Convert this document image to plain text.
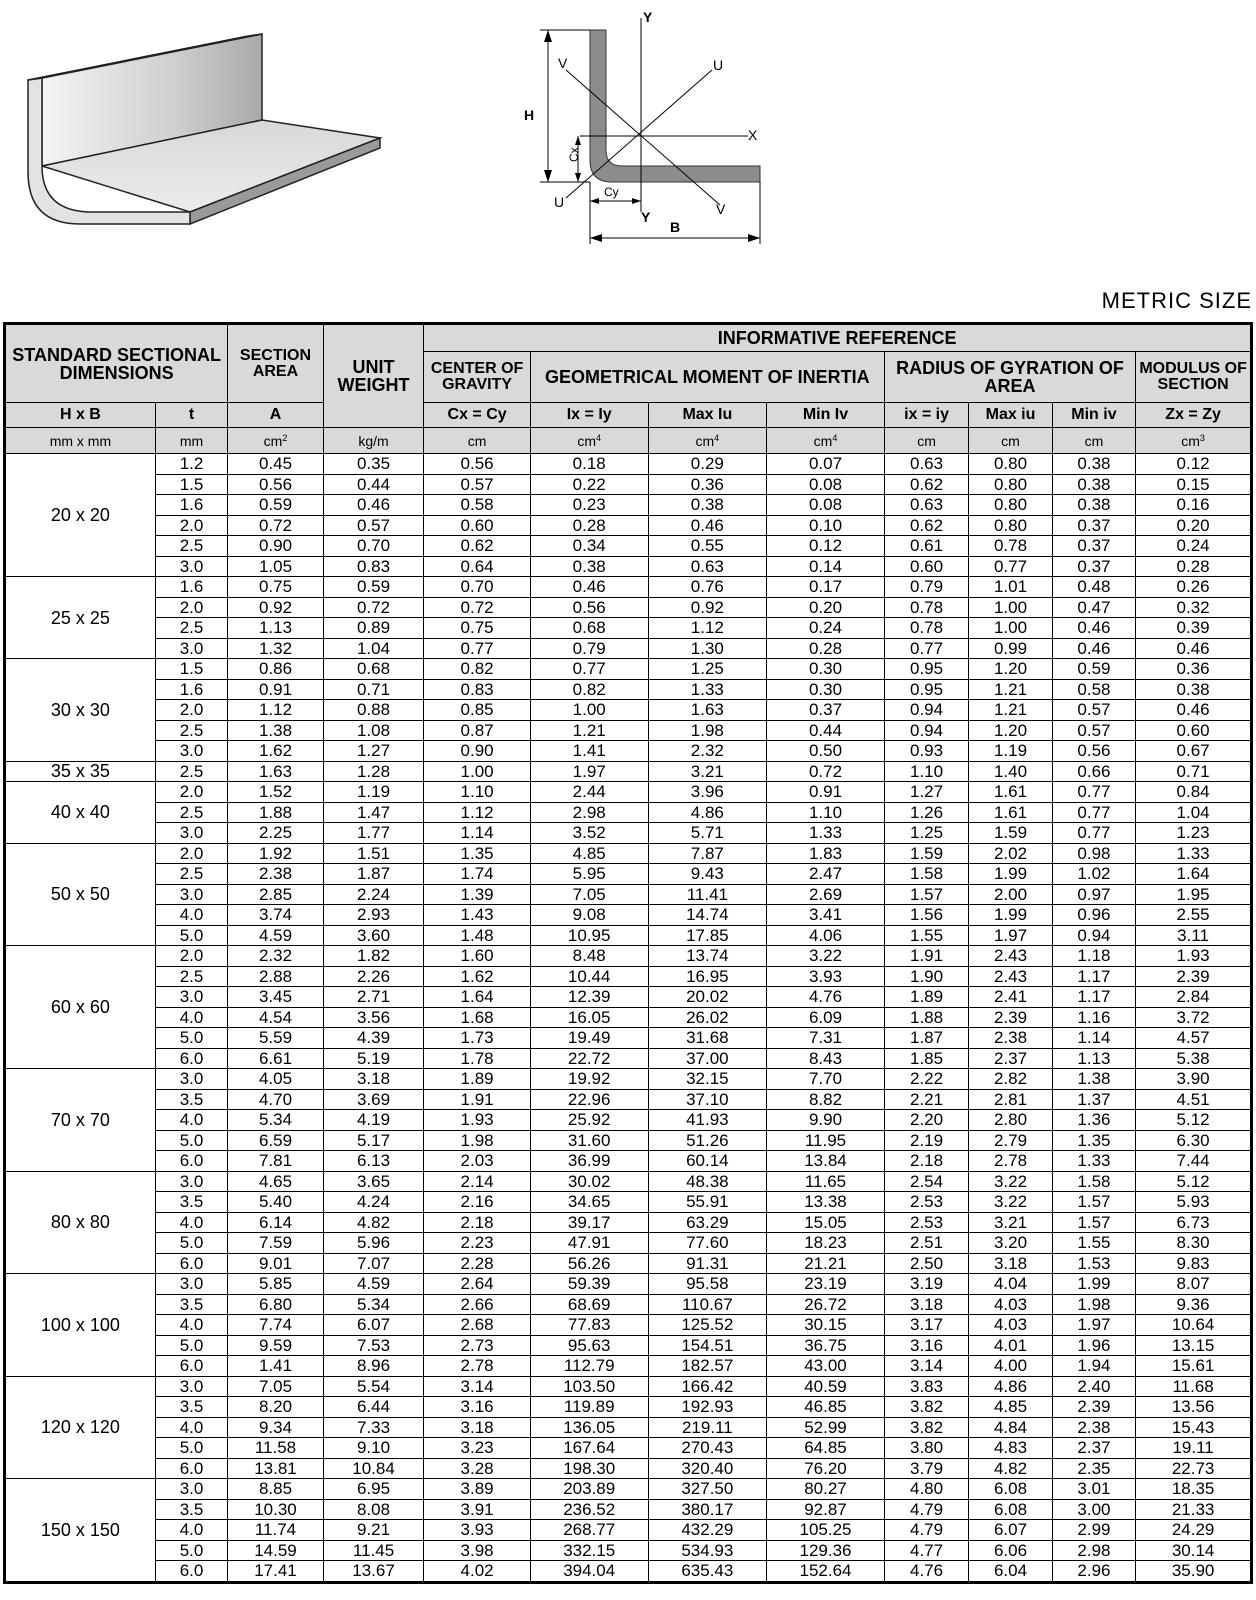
Y
Y
V	U
X
U	V
H
B
Cx
Cy
METRIC SIZE
STANDARD SECTIONAL DIMENSIONS		SECTION AREA	UNIT WEIGHT	INFORMATIVE REFERENCE							
				CENTER OF GRAVITY	GEOMETRICAL MOMENT OF INERTIA			RADIUS OF GYRATION OF AREA			MODULUS OF SECTION
H x B	t	A		Cx = Cy	Ix = Iy	Max Iu	Min Iv	ix = iy	Max iu	Min iv	Zx = Zy
mm x mm	mm	$cm^2$	kg/m	cm	$cm^4$	$cm^4$	$cm^4$	cm	cm	cm	$cm^3$
20 x 20	1.2	0.45	0.35	0.56	0.18	0.29	0.07	0.63	0.80	0.38	0.12
	1.5	0.56	0.44	0.57	0.22	0.36	0.08	0.62	0.80	0.38	0.15
	1.6	0.59	0.46	0.58	0.23	0.38	0.08	0.63	0.80	0.38	0.16
	2.0	0.72	0.57	0.60	0.28	0.46	0.10	0.62	0.80	0.37	0.20
	2.5	0.90	0.70	0.62	0.34	0.55	0.12	0.61	0.78	0.37	0.24
	3.0	1.05	0.83	0.64	0.38	0.63	0.14	0.60	0.77	0.37	0.28
25 x 25	1.6	0.75	0.59	0.70	0.46	0.76	0.17	0.79	1.01	0.48	0.26
	2.0	0.92	0.72	0.72	0.56	0.92	0.20	0.78	1.00	0.47	0.32
	2.5	1.13	0.89	0.75	0.68	1.12	0.24	0.78	1.00	0.46	0.39
	3.0	1.32	1.04	0.77	0.79	1.30	0.28	0.77	0.99	0.46	0.46
30 x 30	1.5	0.86	0.68	0.82	0.77	1.25	0.30	0.95	1.20	0.59	0.36
	1.6	0.91	0.71	0.83	0.82	1.33	0.30	0.95	1.21	0.58	0.38
	2.0	1.12	0.88	0.85	1.00	1.63	0.37	0.94	1.21	0.57	0.46
	2.5	1.38	1.08	0.87	1.21	1.98	0.44	0.94	1.20	0.57	0.60
	3.0	1.62	1.27	0.90	1.41	2.32	0.50	0.93	1.19	0.56	0.67
35 x 35	2.5	1.63	1.28	1.00	1.97	3.21	0.72	1.10	1.40	0.66	0.71
40 x 40	2.0	1.52	1.19	1.10	2.44	3.96	0.91	1.27	1.61	0.77	0.84
	2.5	1.88	1.47	1.12	2.98	4.86	1.10	1.26	1.61	0.77	1.04
	3.0	2.25	1.77	1.14	3.52	5.71	1.33	1.25	1.59	0.77	1.23
50 x 50	2.0	1.92	1.51	1.35	4.85	7.87	1.83	1.59	2.02	0.98	1.33
	2.5	2.38	1.87	1.74	5.95	9.43	2.47	1.58	1.99	1.02	1.64
	3.0	2.85	2.24	1.39	7.05	11.41	2.69	1.57	2.00	0.97	1.95
	4.0	3.74	2.93	1.43	9.08	14.74	3.41	1.56	1.99	0.96	2.55
	5.0	4.59	3.60	1.48	10.95	17.85	4.06	1.55	1.97	0.94	3.11
60 x 60	2.0	2.32	1.82	1.60	8.48	13.74	3.22	1.91	2.43	1.18	1.93
	2.5	2.88	2.26	1.62	10.44	16.95	3.93	1.90	2.43	1.17	2.39
	3.0	3.45	2.71	1.64	12.39	20.02	4.76	1.89	2.41	1.17	2.84
	4.0	4.54	3.56	1.68	16.05	26.02	6.09	1.88	2.39	1.16	3.72
	5.0	5.59	4.39	1.73	19.49	31.68	7.31	1.87	2.38	1.14	4.57
	6.0	6.61	5.19	1.78	22.72	37.00	8.43	1.85	2.37	1.13	5.38
70 x 70	3.0	4.05	3.18	1.89	19.92	32.15	7.70	2.22	2.82	1.38	3.90
	3.5	4.70	3.69	1.91	22.96	37.10	8.82	2.21	2.81	1.37	4.51
	4.0	5.34	4.19	1.93	25.92	41.93	9.90	2.20	2.80	1.36	5.12
	5.0	6.59	5.17	1.98	31.60	51.26	11.95	2.19	2.79	1.35	6.30
	6.0	7.81	6.13	2.03	36.99	60.14	13.84	2.18	2.78	1.33	7.44
80 x 80	3.0	4.65	3.65	2.14	30.02	48.38	11.65	2.54	3.22	1.58	5.12
	3.5	5.40	4.24	2.16	34.65	55.91	13.38	2.53	3.22	1.57	5.93
	4.0	6.14	4.82	2.18	39.17	63.29	15.05	2.53	3.21	1.57	6.73
	5.0	7.59	5.96	2.23	47.91	77.60	18.23	2.51	3.20	1.55	8.30
	6.0	9.01	7.07	2.28	56.26	91.31	21.21	2.50	3.18	1.53	9.83
100 x 100	3.0	5.85	4.59	2.64	59.39	95.58	23.19	3.19	4.04	1.99	8.07
	3.5	6.80	5.34	2.66	68.69	110.67	26.72	3.18	4.03	1.98	9.36
	4.0	7.74	6.07	2.68	77.83	125.52	30.15	3.17	4.03	1.97	10.64
	5.0	9.59	7.53	2.73	95.63	154.51	36.75	3.16	4.01	1.96	13.15
	6.0	1.41	8.96	2.78	112.79	182.57	43.00	3.14	4.00	1.94	15.61
120 x 120	3.0	7.05	5.54	3.14	103.50	166.42	40.59	3.83	4.86	2.40	11.68
	3.5	8.20	6.44	3.16	119.89	192.93	46.85	3.82	4.85	2.39	13.56
	4.0	9.34	7.33	3.18	136.05	219.11	52.99	3.82	4.84	2.38	15.43
	5.0	11.58	9.10	3.23	167.64	270.43	64.85	3.80	4.83	2.37	19.11
	6.0	13.81	10.84	3.28	198.30	320.40	76.20	3.79	4.82	2.35	22.73
150 x 150	3.0	8.85	6.95	3.89	203.89	327.50	80.27	4.80	6.08	3.01	18.35
	3.5	10.30	8.08	3.91	236.52	380.17	92.87	4.79	6.08	3.00	21.33
	4.0	11.74	9.21	3.93	268.77	432.29	105.25	4.79	6.07	2.99	24.29
	5.0	14.59	11.45	3.98	332.15	534.93	129.36	4.77	6.06	2.98	30.14
	6.0	17.41	13.67	4.02	394.04	635.43	152.64	4.76	6.04	2.96	35.90
